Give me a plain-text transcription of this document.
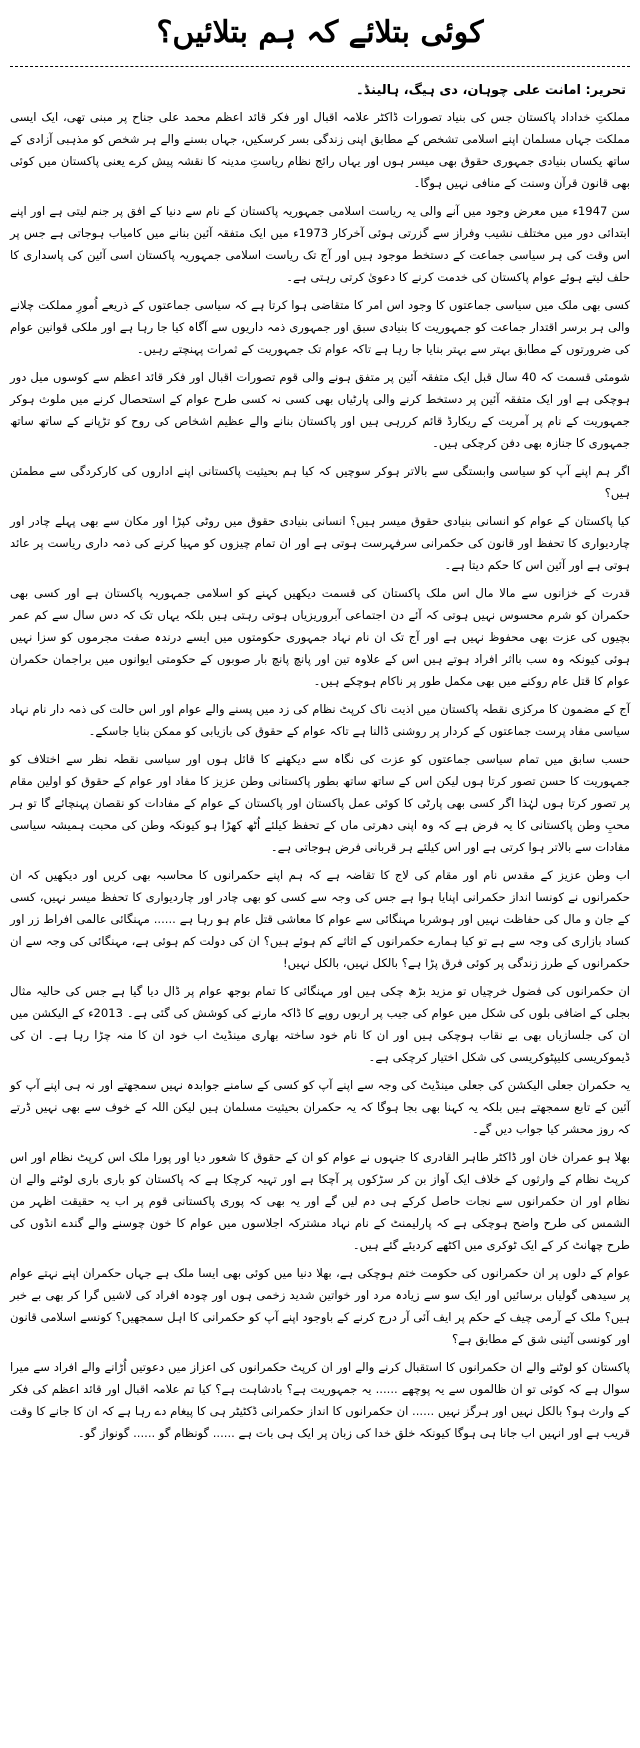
کوئی بتلائے کہ ہم بتلائیں؟
تحریر: امانت علی چوہان، دی ہیگ، ہالینڈ۔
مملکتِ خداداد پاکستان جس کی بنیاد تصورات ڈاکٹر علامہ اقبال اور فکر قائد اعظم محمد علی جناح پر مبنی تھی، ایک ایسی مملکت جہاں مسلمان اپنے اسلامی تشخص کے مطابق اپنی زندگی بسر کرسکیں، جہاں بسنے والے ہر شخص کو مذہبی آزادی کے ساتھ یکساں بنیادی جمہوری حقوق بھی میسر ہوں اور یہاں رائج نظام ریاستِ مدینہ کا نقشہ پیش کرے یعنی پاکستان میں کوئی بھی قانون قرآن وسنت کے منافی نہیں ہوگا۔
سن 1947ء میں معرض وجود میں آنے والی یہ ریاست اسلامی جمہوریہ پاکستان کے نام سے دنیا کے افق پر جنم لیتی ہے اور اپنے ابتدائی دور میں مختلف نشیب وفراز سے گزرتی ہوئی آخرکار 1973ء میں ایک متفقہ آئین بنانے میں کامیاب ہوجاتی ہے جس پر اس وقت کی ہر سیاسی جماعت کے دستخط موجود ہیں اور آج تک ریاست اسلامی جمہوریہ پاکستان اسی آئین کی پاسداری کا حلف لیتے ہوئے عوام پاکستان کی خدمت کرنے کا دعویٰ کرتی رہتی ہے۔
کسی بھی ملک میں سیاسی جماعتوں کا وجود اس امر کا متقاضی ہوا کرتا ہے کہ سیاسی جماعتوں کے ذریعے اُمورِ مملکت چلانے والی ہر برسر اقتدار جماعت کو جمہوریت کا بنیادی سبق اور جمہوری ذمہ داریوں سے آگاہ کیا جا رہا ہے اور ملکی قوانین عوام کی ضرورتوں کے مطابق بہتر سے بہتر بنایا جا رہا ہے تاکہ عوام تک جمہوریت کے ثمرات پہنچتے رہیں۔
شومئی قسمت کہ 40 سال قبل ایک متفقہ آئین پر متفق ہونے والی قوم تصورات اقبال اور فکر قائد اعظم سے کوسوں میل دور ہوچکی ہے اور ایک متفقہ آئین پر دستخط کرنے والی پارٹیاں بھی کسی نہ کسی طرح عوام کے استحصال کرنے میں ملوث ہوکر جمہوریت کے نام پر آمریت کے ریکارڈ قائم کررہی ہیں اور پاکستان بنانے والے عظیم اشخاص کی روح کو تڑپانے کے ساتھ ساتھ جمہوری کا جنازہ بھی دفن کرچکی ہیں۔
اگر ہم اپنے آپ کو سیاسی وابستگی سے بالاتر ہوکر سوچیں کہ کیا ہم بحیثیت پاکستانی اپنے اداروں کی کارکردگی سے مطمئن ہیں؟
کیا پاکستان کے عوام کو انسانی بنیادی حقوق میسر ہیں؟ انسانی بنیادی حقوق میں روٹی کپڑا اور مکان سے بھی پہلے چادر اور چاردیواری کا تحفظ اور قانون کی حکمرانی سرفہرست ہوتی ہے اور ان تمام چیزوں کو مہیا کرنے کی ذمہ داری ریاست پر عائد ہوتی ہے اور آئین اس کا حکم دیتا ہے۔
قدرت کے خزانوں سے مالا مال اس ملک پاکستان کی قسمت دیکھیں کہنے کو اسلامی جمہوریہ پاکستان ہے اور کسی بھی حکمران کو شرم محسوس نہیں ہوتی کہ آئے دن اجتماعی آبروریزیاں ہوتی رہتی ہیں بلکہ یہاں تک کہ دس سال سے کم عمر بچیوں کی عزت بھی محفوظ نہیں ہے اور آج تک ان نام نہاد جمہوری حکومتوں میں ایسے درندہ صفت مجرموں کو سزا نہیں ہوئی کیونکہ وہ سب بااثر افراد ہوتے ہیں اس کے علاوہ تین اور پانچ پانچ بار صوبوں کے حکومتی ایوانوں میں براجمان حکمران عوام کا قتل عام روکنے میں بھی مکمل طور پر ناکام ہوچکے ہیں۔
آج کے مضمون کا مرکزی نقطہ پاکستان میں اذیت ناک کرپٹ نظام کی زد میں پسنے والے عوام اور اس حالت کی ذمہ دار نام نہاد سیاسی مفاد پرست جماعتوں کے کردار پر روشنی ڈالنا ہے تاکہ عوام کے حقوق کی بازیابی کو ممکن بنایا جاسکے۔
حسب سابق میں تمام سیاسی جماعتوں کو عزت کی نگاہ سے دیکھنے کا قائل ہوں اور سیاسی نقطہ نظر سے اختلاف کو جمہوریت کا حسن تصور کرتا ہوں لیکن اس کے ساتھ ساتھ بطور پاکستانی وطن عزیز کا مفاد اور عوام کے حقوق کو اولین مقام پر تصور کرتا ہوں لہٰذا اگر کسی بھی پارٹی کا کوئی عمل پاکستان اور پاکستان کے عوام کے مفادات کو نقصان پہنچائے گا تو ہر محبِ وطن پاکستانی کا یہ فرض ہے کہ وہ اپنی دھرتی ماں کے تحفظ کیلئے اُٹھ کھڑا ہو کیونکہ وطن کی محبت ہمیشہ سیاسی مفادات سے بالاتر ہوا کرتی ہے اور اس کیلئے ہر قربانی فرض ہوجاتی ہے۔
اب وطن عزیز کے مقدس نام اور مقام کی لاج کا تقاضہ ہے کہ ہم اپنے حکمرانوں کا محاسبہ بھی کریں اور دیکھیں کہ ان حکمرانوں نے کونسا انداز حکمرانی اپنایا ہوا ہے جس کی وجہ سے کسی کو بھی چادر اور چاردیواری کا تحفظ میسر نہیں، کسی کے جان و مال کی حفاظت نہیں اور ہوشربا مہنگائی سے عوام کا معاشی قتل عام ہو رہا ہے ...... مہنگائی عالمی افراط زر اور کساد بازاری کی وجہ سے ہے تو کیا ہمارے حکمرانوں کے اثاثے کم ہوئے ہیں؟ ان کی دولت کم ہوئی ہے، مہنگائی کی وجہ سے ان حکمرانوں کے طرز زندگی پر کوئی فرق پڑا ہے؟ بالکل نہیں، بالکل نہیں!
ان حکمرانوں کی فضول خرچیاں تو مزید بڑھ چکی ہیں اور مہنگائی کا تمام بوجھ عوام پر ڈال دیا گیا ہے جس کی حالیہ مثال بجلی کے اضافی بلوں کی شکل میں عوام کی جیب پر اربوں روپے کا ڈاکہ مارنے کی کوشش کی گئی ہے۔ 2013ء کے الیکشن میں ان کی جلسازیاں بھی بے نقاب ہوچکی ہیں اور ان کا نام خود ساختہ بھاری مینڈیٹ اب خود ان کا منہ چڑا رہا ہے۔ ان کی ڈیموکریسی کلیپٹوکریسی کی شکل اختیار کرچکی ہے۔
یہ حکمران جعلی الیکشن کی جعلی مینڈیٹ کی وجہ سے اپنے آپ کو کسی کے سامنے جوابدہ نہیں سمجھتے اور نہ ہی اپنے آپ کو آئین کے تابع سمجھتے ہیں بلکہ یہ کہنا بھی بجا ہوگا کہ یہ حکمران بحیثیت مسلمان ہیں لیکن اللہ کے خوف سے بھی نہیں ڈرتے کہ روز محشر کیا جواب دیں گے۔
بھلا ہو عمران خان اور ڈاکٹر طاہر القادری کا جنہوں نے عوام کو ان کے حقوق کا شعور دیا اور پورا ملک اس کرپٹ نظام اور اس کرپٹ نظام کے وارثوں کے خلاف ایک آواز بن کر سڑکوں پر آچکا ہے اور تہیہ کرچکا ہے کہ پاکستان کو باری باری لوٹنے والے ان نظام اور ان حکمرانوں سے نجات حاصل کرکے ہی دم لیں گے اور یہ بھی کہ پوری پاکستانی قوم پر اب یہ حقیقت اظہر من الشمس کی طرح واضح ہوچکی ہے کہ پارلیمنٹ کے نام نہاد مشترکہ اجلاسوں میں عوام کا خون چوسنے والے گندے انڈوں کی طرح چھانٹ کر کے ایک ٹوکری میں اکٹھے کردیئے گئے ہیں۔
عوام کے دلوں پر ان حکمرانوں کی حکومت ختم ہوچکی ہے، بھلا دنیا میں کوئی بھی ایسا ملک ہے جہاں حکمران اپنے نہتے عوام پر سیدھی گولیاں برسائیں اور ایک سو سے زیادہ مرد اور خواتین شدید زخمی ہوں اور چودہ افراد کی لاشیں گرا کر بھی بے خبر ہیں؟ ملک کے آرمی چیف کے حکم پر ایف آئی آر درج کرنے کے باوجود اپنے آپ کو حکمرانی کا اہل سمجھیں؟ کونسے اسلامی قانون اور کونسی آئینی شق کے مطابق ہے؟
پاکستان کو لوٹنے والے ان حکمرانوں کا استقبال کرنے والے اور ان کرپٹ حکمرانوں کی اعزاز میں دعوتیں اُڑانے والے افراد سے میرا سوال ہے کہ کوئی تو ان ظالموں سے یہ پوچھے ...... یہ جمہوریت ہے؟ بادشاہت ہے؟ کیا تم علامہ اقبال اور قائد اعظم کی فکر کے وارث ہو؟ بالکل نہیں اور ہرگز نہیں ...... ان حکمرانوں کا انداز حکمرانی ڈکٹیٹر ہی کا پیغام دے رہا ہے کہ ان کا جانے کا وقت قریب ہے اور انہیں اب جانا ہی ہوگا کیونکہ خلق خدا کی زبان پر ایک ہی بات ہے ...... گونظام گو ...... گونواز گو۔
